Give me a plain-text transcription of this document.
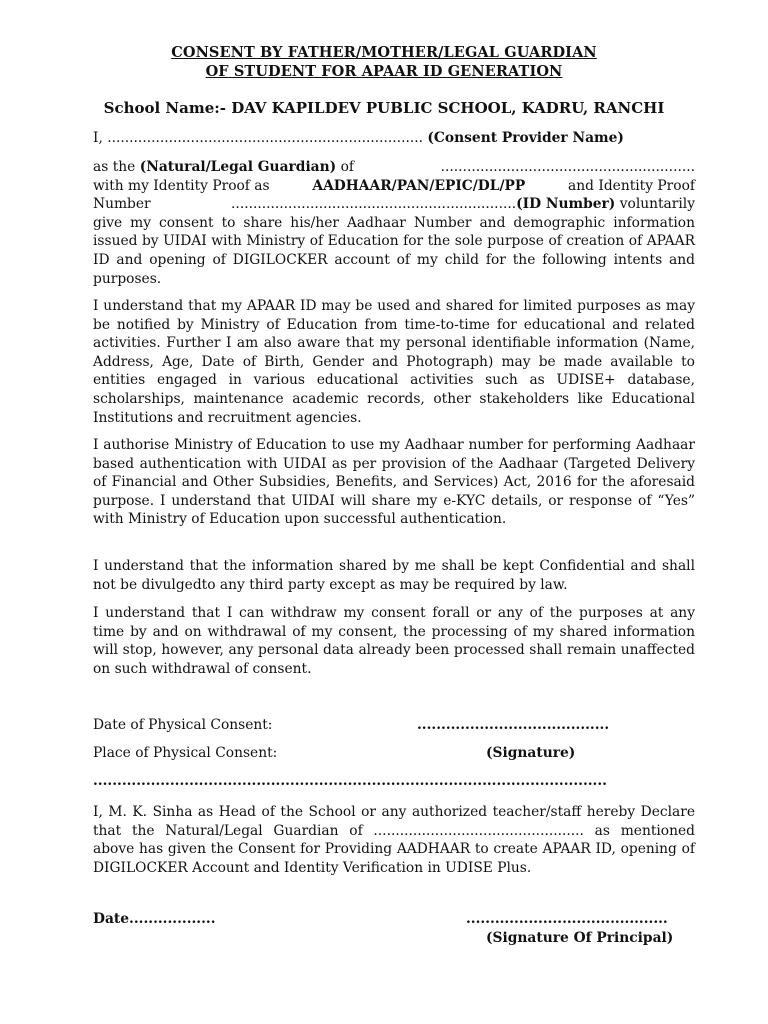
CONSENT BY FATHER/MOTHER/LEGAL GUARDIAN
OF STUDENT FOR APAAR ID GENERATION
School Name:- DAV KAPILDEV PUBLIC SCHOOL, KADRU, RANCHI
I, ........................................................................ (Consent Provider Name)
as the (Natural/Legal Guardian) of	..........................................................
with my Identity Proof as	AADHAAR/PAN/EPIC/DL/PP	and Identity Proof
Number	.................................................................(ID Number) voluntarily
give my consent to share his/her Aadhaar Number and demographic information issued by UIDAI with Ministry of Education for the sole purpose of creation of APAAR ID and opening of DIGILOCKER account of my child for the following intents and purposes.
I understand that my APAAR ID may be used and shared for limited purposes as may be notified by Ministry of Education from time-to-time for educational and related activities. Further I am also aware that my personal identifiable information (Name, Address, Age, Date of Birth, Gender and Photograph) may be made available to entities engaged in various educational activities such as UDISE+ database, scholarships, maintenance academic records, other stakeholders like Educational Institutions and recruitment agencies.
I authorise Ministry of Education to use my Aadhaar number for performing Aadhaar based authentication with UIDAI as per provision of the Aadhaar (Targeted Delivery of Financial and Other Subsidies, Benefits, and Services) Act, 2016 for the aforesaid purpose. I understand that UIDAI will share my e-KYC details, or response of “Yes” with Ministry of Education upon successful authentication.
I understand that the information shared by me shall be kept Confidential and shall not be divulgedto any third party except as may be required by law.
I understand that I can withdraw my consent forall or any of the purposes at any time by and on withdrawal of my consent, the processing of my shared information will stop, however, any personal data already been processed shall remain unaffected on such withdrawal of consent.
Date of Physical Consent:	........................................
Place of Physical Consent:	(Signature)
...........................................................................................................
I, M. K. Sinha as Head of the School or any authorized teacher/staff hereby Declare that the Natural/Legal Guardian of ................................................ as mentioned above has given the Consent for Providing AADHAAR to create APAAR ID, opening of DIGILOCKER Account and Identity Verification in UDISE Plus.
Date..................	..........................................
(Signature Of Principal)
